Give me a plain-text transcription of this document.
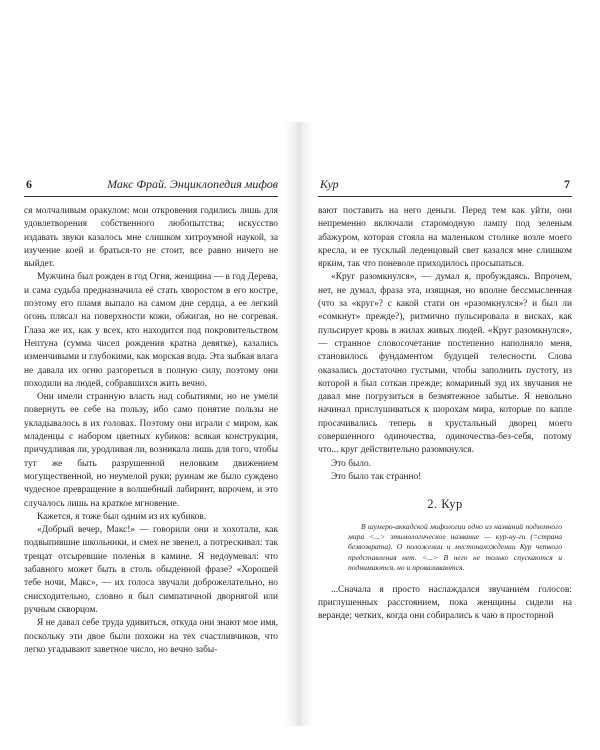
6	Макс Фрай. Энциклопедия мифов

ся молчаливым оракулом: мои откровения годились лишь для удовлетворения собственного любопытства; искусство издавать звуки казалось мне слишком хитроумной наукой, за изучение коей и браться-то не стоит, все равно ничего не выйдет.

Мужчина был рожден в год Огня, женщина — в год Дерева, и сама судьба предназначила её стать хворостом в его костре, поэтому его пламя выпало на самом дне сердца, а ее легкий огонь плясал на поверхности кожи, обжигая, но не согревая. Глаза же их, как у всех, кто находится под покровительством Нептуна (сумма чисел рождения кратна девятке), казались изменчивыми и глубокими, как морская вода. Эта зыбкая влага не давала их огню разгореться в полную силу, поэтому они походили на людей, собравшихся жить вечно.

Они имели странную власть над событиями, но не умели повернуть ее себе на пользу, ибо само понятие пользы не укладывалось в их головах. Поэтому они играли с миром, как младенцы с набором цветных кубиков: всякая конструкция, причудливая ли, уродливая ли, возникала лишь для того, чтобы тут же быть разрушенной неловким движением могущественной, но неумелой руки; руинам же было суждено чудесное превращение в волшебный лабиринт, впрочем, и это случалось лишь на краткое мгновение.

Кажется, я тоже был одним из их кубиков.

«Добрый вечер, Макс!» — говорили они и хохотали, как подвыпившие школьники, и смех не звенел, а потрескивал: так трещат отсыревшие поленья в камине. Я недоумевал: что забавного может быть в столь обыденной фразе? «Хорошей тебе ночи, Макс», — их голоса звучали доброжелательно, но снисходительно, словно я был симпатичной дворнягой или ручным скворцом.

Я не давал себе труда удивиться, откуда они знают мое имя, поскольку эти двое были похожи на тех счастливчиков, что легко угадывают заветное число, но вечно забы-

Кур	7

вают поставить на него деньги. Перед тем как уйти, они непременно включали старомодную лампу под зеленым абажуром, которая стояла на маленьком столике возле моего кресла, и ее тусклый леденцовый свет казался мне слишком ярким, так что поневоле приходилось просыпаться.

«Круг разомкнулся», — думал я, пробуждаясь. Впрочем, нет, не думал, фраза эта, изящная, но вполне бессмысленная (что за «круг»? с какой стати он «разомкнулся»? и был ли «сомкнут» прежде?), ритмично пульсировала в висках, как пульсирует кровь в жилах живых людей. «Круг разомкнулся», — странное словосочетание постепенно наполняло меня, становилось фундаментом будущей телесности. Слова оказались достаточно густыми, чтобы заполнить пустоту, из которой я был соткан прежде; комариный зуд их звучания не давал мне погрузиться в безмятежное забытье. Я невольно начинал прислушиваться к шорохам мира, которые по капле просачивались теперь в хрустальный дворец моего совершенного одиночества, одиночества-без-себя, потому что... круг действительно разомкнулся.

Это было.

Это было так странно!

2. Кур

В шумеро-аккадской мифологии одно из названий подземного мира <...> этимологическое название — кур-ну-ги (=страна безвозврата). О положении и местонахождении Кур четкого представления нет. <...> В него не только спускаются и поднимаются, но и проваливаются.

...Сначала я просто наслаждался звучанием голосов: приглушенных расстоянием, пока женщины сидели на веранде; четких, когда они собирались к чаю в просторной
